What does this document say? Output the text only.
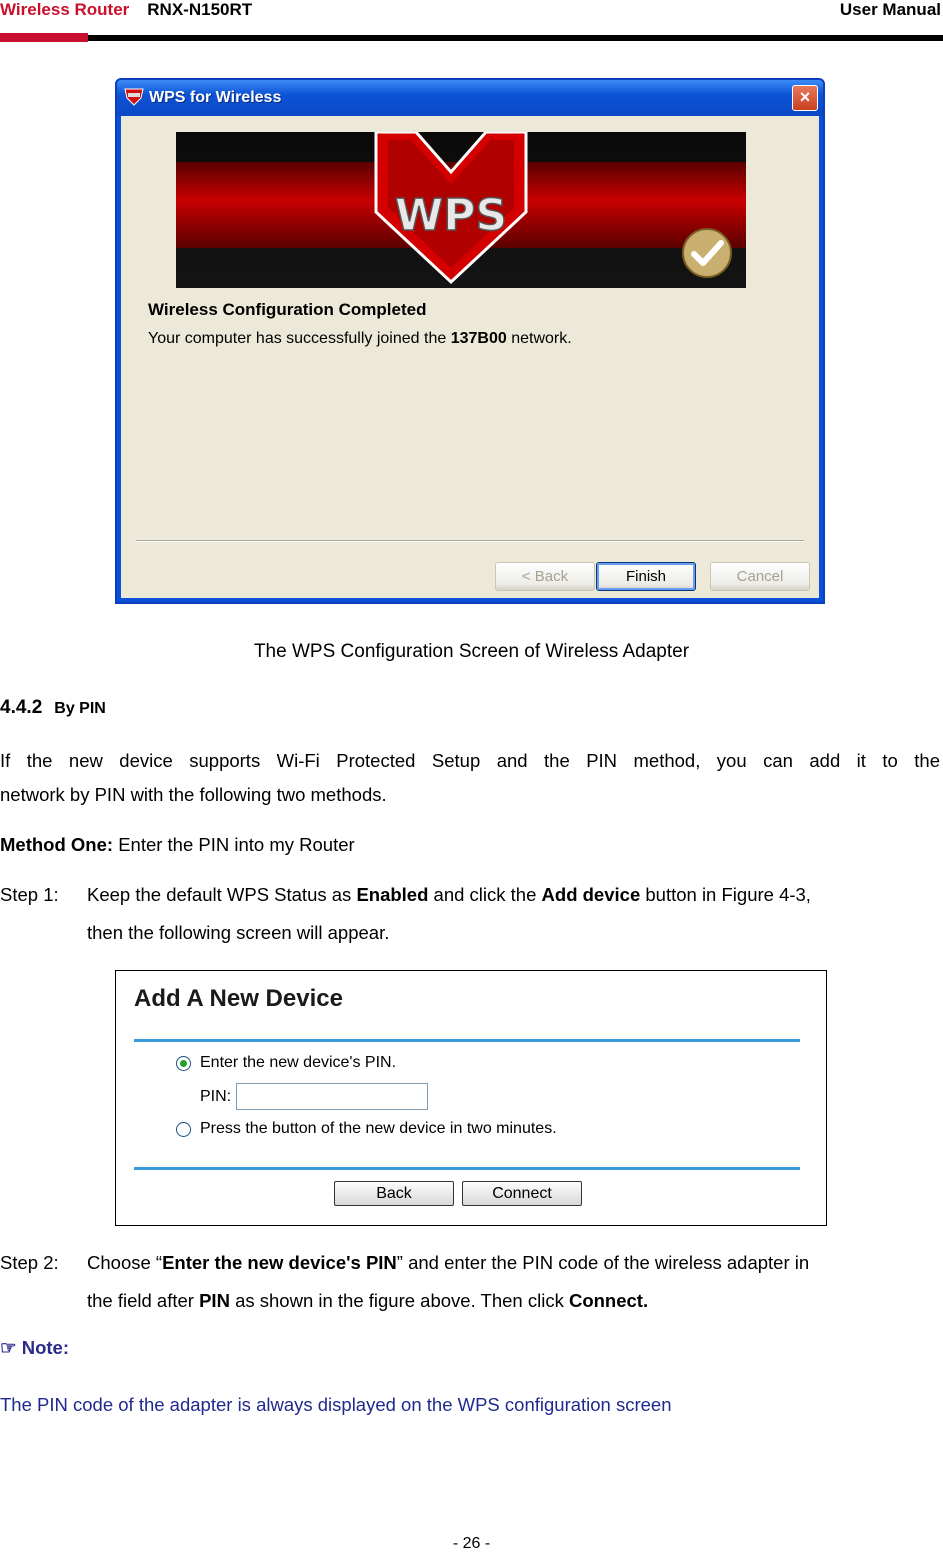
Wireless Router RNX-N150RT	User Manual
WPS for Wireless	×
WPS
Wireless Configuration Completed
Your computer has successfully joined the 137B00 network.
< Back	Finish	Cancel
The WPS Configuration Screen of Wireless Adapter
4.4.2 By PIN
If the new device supports Wi-Fi Protected Setup and the PIN method, you can add it to the
network by PIN with the following two methods.
Method One: Enter the PIN into my Router
Step 1: Keep the default WPS Status as Enabled and click the Add device button in Figure 4-3,
then the following screen will appear.
Add A New Device
Enter the new device's PIN.
PIN:
Press the button of the new device in two minutes.
Back	Connect
Step 2: Choose “Enter the new device's PIN” and enter the PIN code of the wireless adapter in
the field after PIN as shown in the figure above. Then click Connect.
☞ Note:
The PIN code of the adapter is always displayed on the WPS configuration screen
- 26 -
